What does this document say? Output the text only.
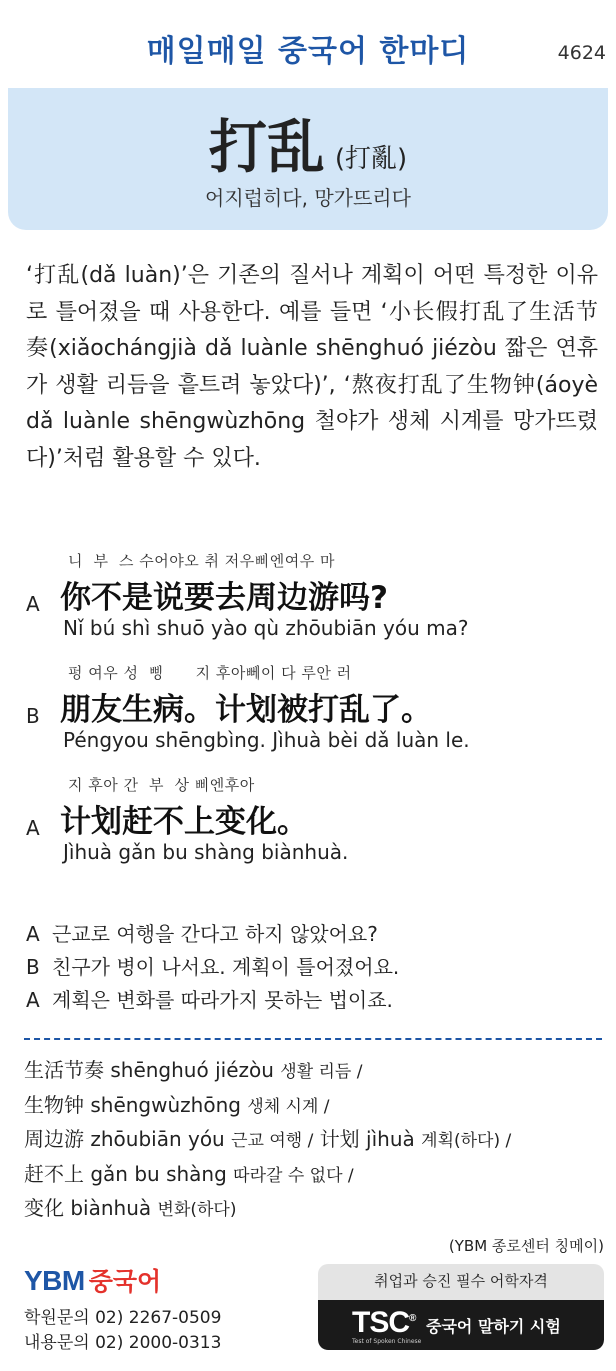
매일매일 중국어 한마디	4624
打乱 (打亂)
어지럽히다, 망가뜨리다

‘打乱(dǎ luàn)’은 기존의 질서나 계획이 어떤 특정한 이유로 틀어졌을 때 사용한다. 예를 들면 ‘小长假打乱了生活节奏(xiǎochángjià dǎ luànle shēnghuó jiézòu 짧은 연휴가 생활 리듬을 흩트려 놓았다)’, ‘熬夜打乱了生物钟(áoyè dǎ luànle shēngwùzhōng 철야가 생체 시계를 망가뜨렸다)’처럼 활용할 수 있다.

A
니  부  스 수어야오 취 저우삐엔여우 마
你不是说要去周边游吗?
Nǐ bú shì shuō yào qù zhōubiān yóu ma?
B
펑 여우 성  삥      지 후아뻬이 다 루안 러
朋友生病。计划被打乱了。
Péngyou shēngbìng. Jìhuà bèi dǎ luàn le.
A
지 후아 간  부  상 삐엔후아
计划赶不上变化。
Jìhuà gǎn bu shàng biànhuà.
A 근교로 여행을 간다고 하지 않았어요?
B 친구가 병이 나서요. 계획이 틀어졌어요.
A 계획은 변화를 따라가지 못하는 법이죠.
生活节奏 shēnghuó jiézòu 생활 리듬 /
生物钟 shēngwùzhōng 생체 시계 /
周边游 zhōubiān yóu 근교 여행 / 计划 jìhuà 계획(하다) /
赶不上 gǎn bu shàng 따라갈 수 없다 /
变化 biànhuà 변화(하다)
(YBM 종로센터 칭메이)
YBM 중국어
학원문의 02) 2267-0509
내용문의 02) 2000-0313
취업과 승진 필수 어학자격
TSC®
Test of Spoken Chinese
중국어 말하기 시험
